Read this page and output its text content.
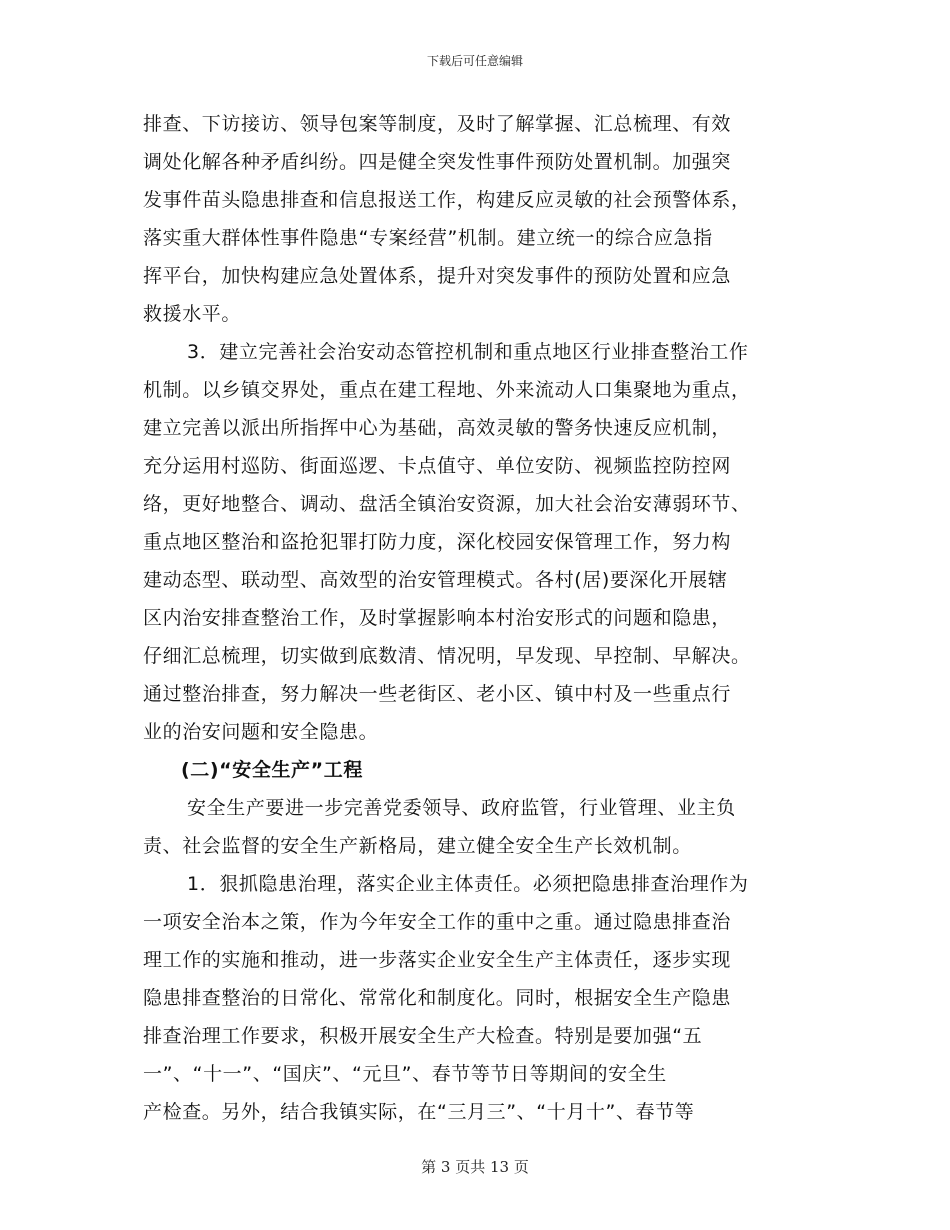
下载后可任意编辑
排查、下访接访、领导包案等制度，及时了解掌握、汇总梳理、有效
调处化解各种矛盾纠纷。四是健全突发性事件预防处置机制。加强突
发事件苗头隐患排查和信息报送工作，构建反应灵敏的社会预警体系，
落实重大群体性事件隐患“专案经营”机制。建立统一的综合应急指
挥平台，加快构建应急处置体系，提升对突发事件的预防处置和应急
救援水平。
3．建立完善社会治安动态管控机制和重点地区行业排查整治工作
机制。以乡镇交界处，重点在建工程地、外来流动人口集聚地为重点，
建立完善以派出所指挥中心为基础，高效灵敏的警务快速反应机制，
充分运用村巡防、街面巡逻、卡点值守、单位安防、视频监控防控网
络，更好地整合、调动、盘活全镇治安资源，加大社会治安薄弱环节、
重点地区整治和盗抢犯罪打防力度，深化校园安保管理工作，努力构
建动态型、联动型、高效型的治安管理模式。各村(居)要深化开展辖
区内治安排查整治工作，及时掌握影响本村治安形式的问题和隐患，
仔细汇总梳理，切实做到底数清、情况明，早发现、早控制、早解决。
通过整治排查，努力解决一些老街区、老小区、镇中村及一些重点行
业的治安问题和安全隐患。
(二)“安全生产”工程
安全生产要进一步完善党委领导、政府监管，行业管理、业主负
责、社会监督的安全生产新格局，建立健全安全生产长效机制。
1．狠抓隐患治理，落实企业主体责任。必须把隐患排查治理作为
一项安全治本之策，作为今年安全工作的重中之重。通过隐患排查治
理工作的实施和推动，进一步落实企业安全生产主体责任，逐步实现
隐患排查整治的日常化、常常化和制度化。同时，根据安全生产隐患
排查治理工作要求，积极开展安全生产大检查。特别是要加强“五
一”、“十一”、“国庆”、“元旦”、春节等节日等期间的安全生
产检查。另外，结合我镇实际，在“三月三”、“十月十”、春节等
第 3 页共 13 页
